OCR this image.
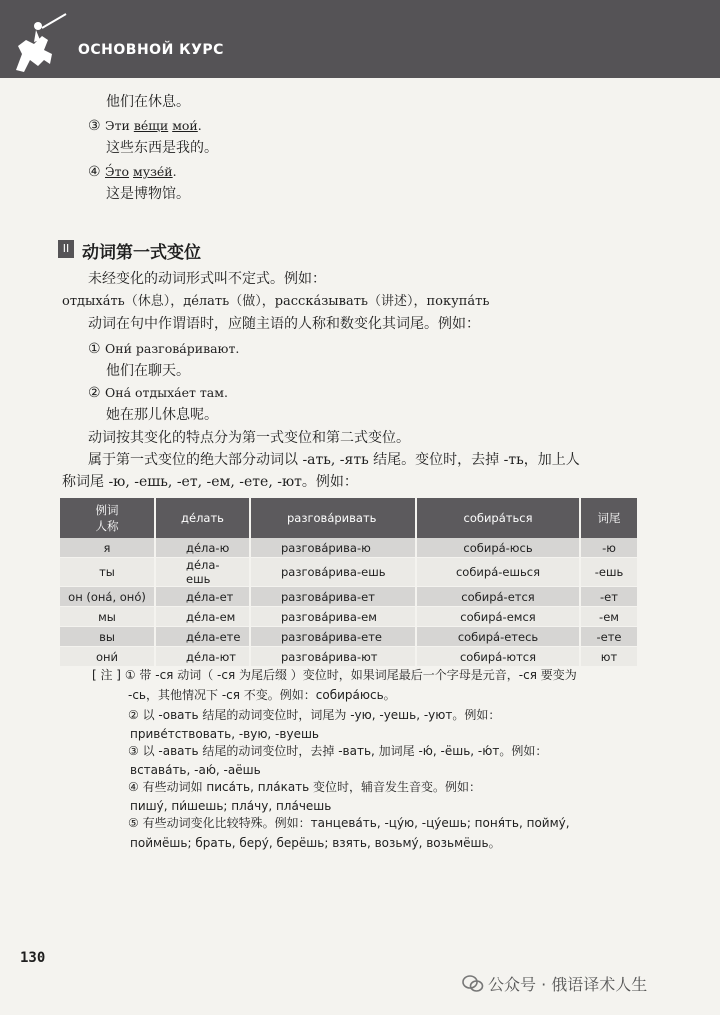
ОСНОВНОЙ КУРС
他们在休息。
③ Эти ве́щи мои́.
这些东西是我的。
④ Э́то музе́й.
这是博物馆。
II 动词第一式变位
未经变化的动词形式叫不定式。例如：
отдыха́ть（休息），де́лать（做），расска́зывать（讲述），покупа́ть
动词在句中作谓语时，应随主语的人称和数变化其词尾。例如：
① Они́ разгова́ривают.
他们在聊天。
② Она́ отдыха́ет там.
她在那儿休息呢。
动词按其变化的特点分为第一式变位和第二式变位。
属于第一式变位的绝大部分动词以 -ать, -ять 结尾。变位时，去掉 -ть，加上人
称词尾 -ю, -ешь, -ет, -ем, -ете, -ют。例如：
例词
人称	де́лать	разгова́ривать	собира́ться	词尾
я	де́ла-ю	разгова́рива-ю	собира́-юсь	-ю
ты	де́ла-ешь	разгова́рива-ешь	собира́-ешься	-ешь
он (она́, оно́)	де́ла-ет	разгова́рива-ет	собира́-ется	-ет
мы	де́ла-ем	разгова́рива-ем	собира́-емся	-ем
вы	де́ла-ете	разгова́рива-ете	собира́-етесь	-ете
они́	де́ла-ют	разгова́рива-ют	собира́-ются	ют
[ 注 ] ① 带 -ся 动词（ -ся 为尾后缀 ）变位时，如果词尾最后一个字母是元音，-ся 要变为
-сь，其他情况下 -ся 不变。例如：собира́юсь。
② 以 -овать 结尾的动词变位时，词尾为 -ую, -уешь, -уют。例如：
приве́тствовать, -вую, -вуешь
③ 以 -авать 结尾的动词变位时，去掉 -вать, 加词尾 -ю́, -ёшь, -ю́т。例如：
встава́ть, -аю́, -аёшь
④ 有些动词如 писа́ть, пла́кать 变位时，辅音发生音变。例如：
пишу́, пи́шешь; пла́чу, пла́чешь
⑤ 有些动词变化比较特殊。例如：танцева́ть, -цу́ю, -цу́ешь; поня́ть, пойму́,
поймёшь; брать, беру́, берёшь; взять, возьму́, возьмёшь。
130
公众号 · 俄语译术人生
